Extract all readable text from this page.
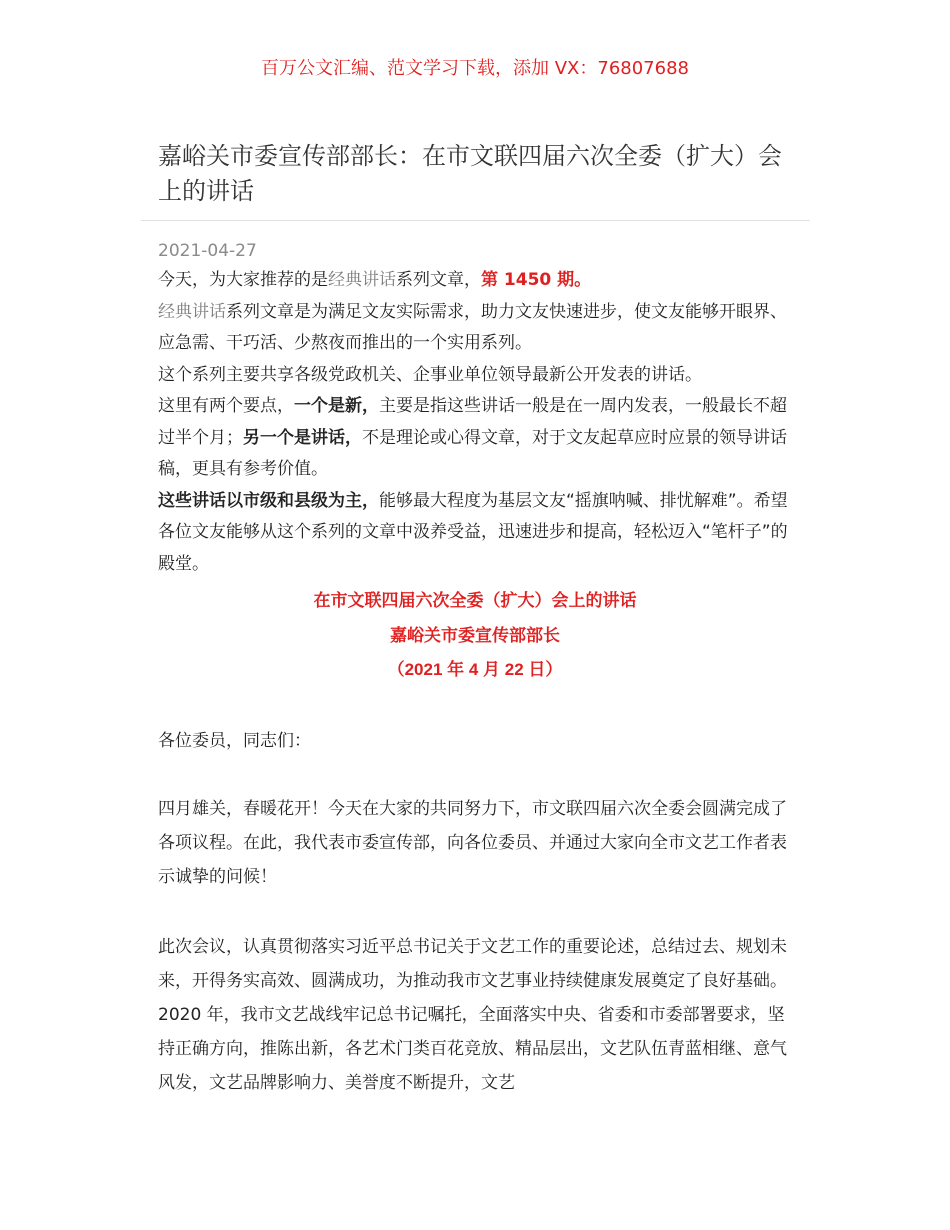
百万公文汇编、范文学习下载，添加 VX：76807688
嘉峪关市委宣传部部长：在市文联四届六次全委（扩大）会上的讲话
2021-04-27

今天，为大家推荐的是经典讲话系列文章，第 1450 期。

经典讲话系列文章是为满足文友实际需求，助力文友快速进步，使文友能够开眼界、应急需、干巧活、少熬夜而推出的一个实用系列。

这个系列主要共享各级党政机关、企事业单位领导最新公开发表的讲话。

这里有两个要点，一个是新，主要是指这些讲话一般是在一周内发表，一般最长不超过半个月；另一个是讲话，不是理论或心得文章，对于文友起草应时应景的领导讲话稿，更具有参考价值。

这些讲话以市级和县级为主，能够最大程度为基层文友“摇旗呐喊、排忧解难”。希望各位文友能够从这个系列的文章中汲养受益，迅速进步和提高，轻松迈入“笔杆子”的殿堂。

在市文联四届六次全委（扩大）会上的讲话
嘉峪关市委宣传部部长
（2021 年 4 月 22 日）

各位委员，同志们：

四月雄关，春暖花开！今天在大家的共同努力下，市文联四届六次全委会圆满完成了各项议程。在此，我代表市委宣传部，向各位委员、并通过大家向全市文艺工作者表示诚挚的问候！

此次会议，认真贯彻落实习近平总书记关于文艺工作的重要论述，总结过去、规划未来，开得务实高效、圆满成功，为推动我市文艺事业持续健康发展奠定了良好基础。2020 年，我市文艺战线牢记总书记嘱托，全面落实中央、省委和市委部署要求，坚持正确方向，推陈出新，各艺术门类百花竞放、精品层出，文艺队伍青蓝相继、意气风发，文艺品牌影响力、美誉度不断提升，文艺
